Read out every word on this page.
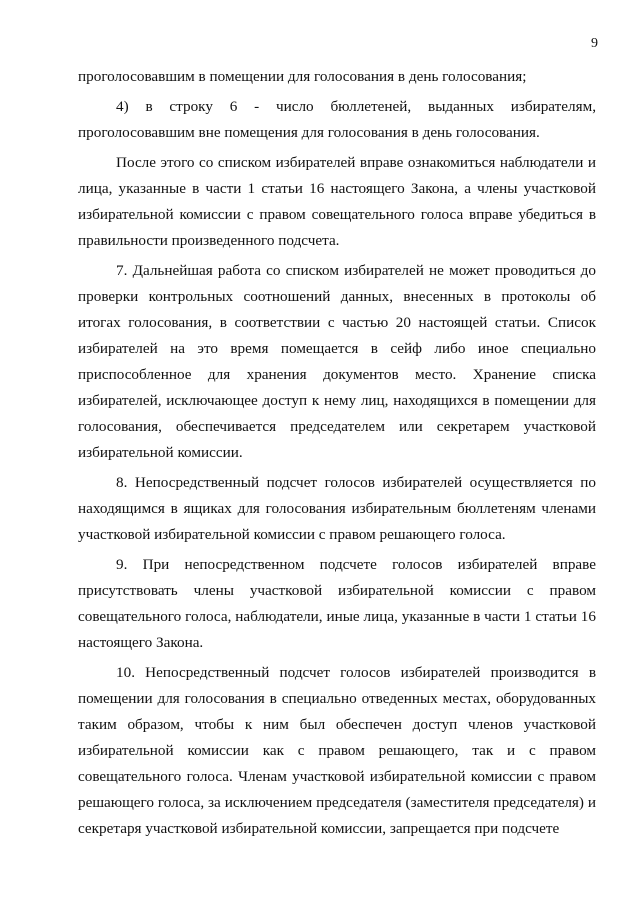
9

проголосовавшим в помещении для голосования в день голосования;

4) в строку 6 - число бюллетеней, выданных избирателям, проголосовавшим вне помещения для голосования в день голосования.

После этого со списком избирателей вправе ознакомиться наблюдатели и лица, указанные в части 1 статьи 16 настоящего Закона, а члены участковой избирательной комиссии с правом совещательного голоса вправе убедиться в правильности произведенного подсчета.

7. Дальнейшая работа со списком избирателей не может проводиться до проверки контрольных соотношений данных, внесенных в протоколы об итогах голосования, в соответствии с частью 20 настоящей статьи. Список избирателей на это время помещается в сейф либо иное специально приспособленное для хранения документов место. Хранение списка избирателей, исключающее доступ к нему лиц, находящихся в помещении для голосования, обеспечивается председателем или секретарем участковой избирательной комиссии.

8. Непосредственный подсчет голосов избирателей осуществляется по находящимся в ящиках для голосования избирательным бюллетеням членами участковой избирательной комиссии с правом решающего голоса.

9. При непосредственном подсчете голосов избирателей вправе присутствовать члены участковой избирательной комиссии с правом совещательного голоса, наблюдатели, иные лица, указанные в части 1 статьи 16 настоящего Закона.

10. Непосредственный подсчет голосов избирателей производится в помещении для голосования в специально отведенных местах, оборудованных таким образом, чтобы к ним был обеспечен доступ членов участковой избирательной комиссии как с правом решающего, так и с правом совещательного голоса. Членам участковой избирательной комиссии с правом решающего голоса, за исключением председателя (заместителя председателя) и секретаря участковой избирательной комиссии, запрещается при подсчете
